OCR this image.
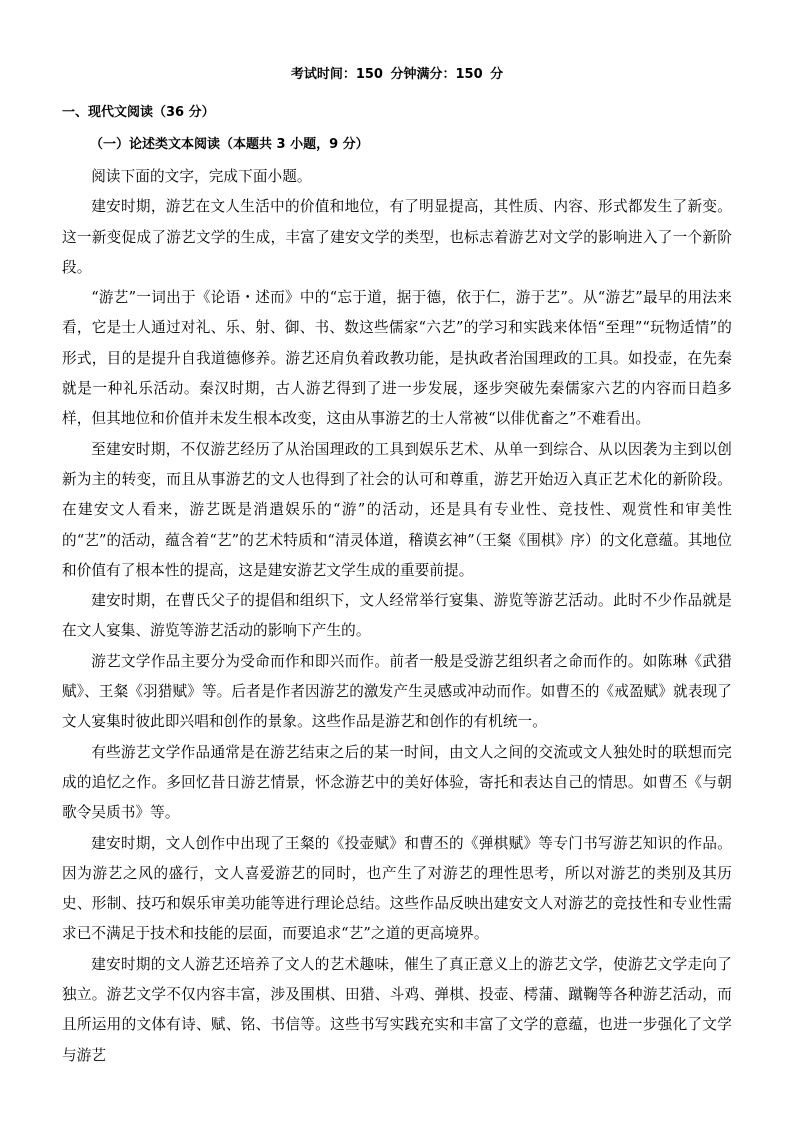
考试时间：150 分钟满分：150 分
一、现代文阅读（36 分）
（一）论述类文本阅读（本题共 3 小题，9 分）

阅读下面的文字，完成下面小题。

建安时期，游艺在文人生活中的价值和地位，有了明显提高，其性质、内容、形式都发生了新变。这一新变促成了游艺文学的生成，丰富了建安文学的类型，也标志着游艺对文学的影响进入了一个新阶段。

“游艺”一词出于《论语・述而》中的“忘于道，据于德，依于仁，游于艺”。从“游艺”最早的用法来看，它是士人通过对礼、乐、射、御、书、数这些儒家“六艺”的学习和实践来体悟“至理”“玩物适情”的形式，目的是提升自我道德修养。游艺还肩负着政教功能，是执政者治国理政的工具。如投壶，在先秦就是一种礼乐活动。秦汉时期，古人游艺得到了进一步发展，逐步突破先秦儒家六艺的内容而日趋多样，但其地位和价值并未发生根本改变，这由从事游艺的士人常被“以俳优畜之”不难看出。

至建安时期，不仅游艺经历了从治国理政的工具到娱乐艺术、从单一到综合、从以因袭为主到以创新为主的转变，而且从事游艺的文人也得到了社会的认可和尊重，游艺开始迈入真正艺术化的新阶段。在建安文人看来，游艺既是消遣娱乐的“游”的活动，还是具有专业性、竞技性、观赏性和审美性的“艺”的活动，蕴含着“艺”的艺术特质和“清灵体道，稽谟玄神”（王粲《围棋》序）的文化意蕴。其地位和价值有了根本性的提高，这是建安游艺文学生成的重要前提。

建安时期，在曹氏父子的提倡和组织下，文人经常举行宴集、游览等游艺活动。此时不少作品就是在文人宴集、游览等游艺活动的影响下产生的。

游艺文学作品主要分为受命而作和即兴而作。前者一般是受游艺组织者之命而作的。如陈琳《武猎赋》、王粲《羽猎赋》等。后者是作者因游艺的激发产生灵感或冲动而作。如曹丕的《戒盈赋》就表现了文人宴集时彼此即兴唱和创作的景象。这些作品是游艺和创作的有机统一。

有些游艺文学作品通常是在游艺结束之后的某一时间，由文人之间的交流或文人独处时的联想而完成的追忆之作。多回忆昔日游艺情景，怀念游艺中的美好体验，寄托和表达自己的情思。如曹丕《与朝歌令吴质书》等。

建安时期，文人创作中出现了王粲的《投壶赋》和曹丕的《弹棋赋》等专门书写游艺知识的作品。因为游艺之风的盛行，文人喜爱游艺的同时，也产生了对游艺的理性思考，所以对游艺的类别及其历史、形制、技巧和娱乐审美功能等进行理论总结。这些作品反映出建安文人对游艺的竞技性和专业性需求已不满足于技术和技能的层面，而要追求“艺”之道的更高境界。

建安时期的文人游艺还培养了文人的艺术趣味，催生了真正意义上的游艺文学，使游艺文学走向了独立。游艺文学不仅内容丰富，涉及围棋、田猎、斗鸡、弹棋、投壶、樗蒲、蹴鞠等各种游艺活动，而且所运用的文体有诗、赋、铭、书信等。这些书写实践充实和丰富了文学的意蕴，也进一步强化了文学与游艺
